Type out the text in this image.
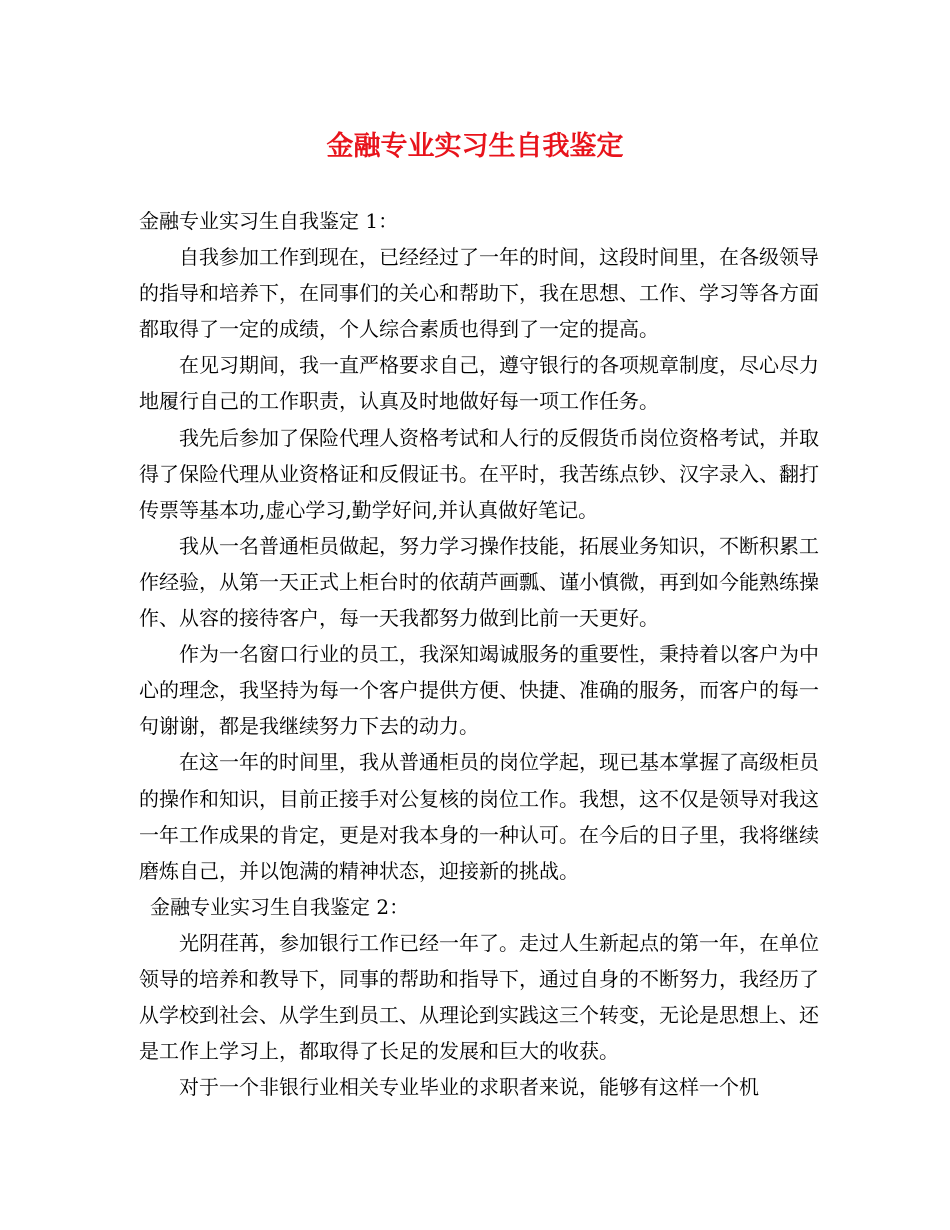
金融专业实习生自我鉴定

金融专业实习生自我鉴定 1：

自我参加工作到现在，已经经过了一年的时间，这段时间里，在各级领导的指导和培养下，在同事们的关心和帮助下，我在思想、工作、学习等各方面都取得了一定的成绩，个人综合素质也得到了一定的提高。

在见习期间，我一直严格要求自己，遵守银行的各项规章制度，尽心尽力地履行自己的工作职责，认真及时地做好每一项工作任务。

我先后参加了保险代理人资格考试和人行的反假货币岗位资格考试，并取得了保险代理从业资格证和反假证书。在平时，我苦练点钞、汉字录入、翻打传票等基本功,虚心学习,勤学好问,并认真做好笔记。

我从一名普通柜员做起，努力学习操作技能，拓展业务知识，不断积累工作经验，从第一天正式上柜台时的依葫芦画瓢、谨小慎微，再到如今能熟练操作、从容的接待客户，每一天我都努力做到比前一天更好。

作为一名窗口行业的员工，我深知竭诚服务的重要性，秉持着以客户为中心的理念，我坚持为每一个客户提供方便、快捷、准确的服务，而客户的每一句谢谢，都是我继续努力下去的动力。

在这一年的时间里，我从普通柜员的岗位学起，现已基本掌握了高级柜员的操作和知识，目前正接手对公复核的岗位工作。我想，这不仅是领导对我这一年工作成果的肯定，更是对我本身的一种认可。在今后的日子里，我将继续磨炼自己，并以饱满的精神状态，迎接新的挑战。

金融专业实习生自我鉴定 2：

光阴荏苒，参加银行工作已经一年了。走过人生新起点的第一年，在单位领导的培养和教导下，同事的帮助和指导下，通过自身的不断努力，我经历了从学校到社会、从学生到员工、从理论到实践这三个转变，无论是思想上、还是工作上学习上，都取得了长足的发展和巨大的收获。

对于一个非银行业相关专业毕业的求职者来说，能够有这样一个机
